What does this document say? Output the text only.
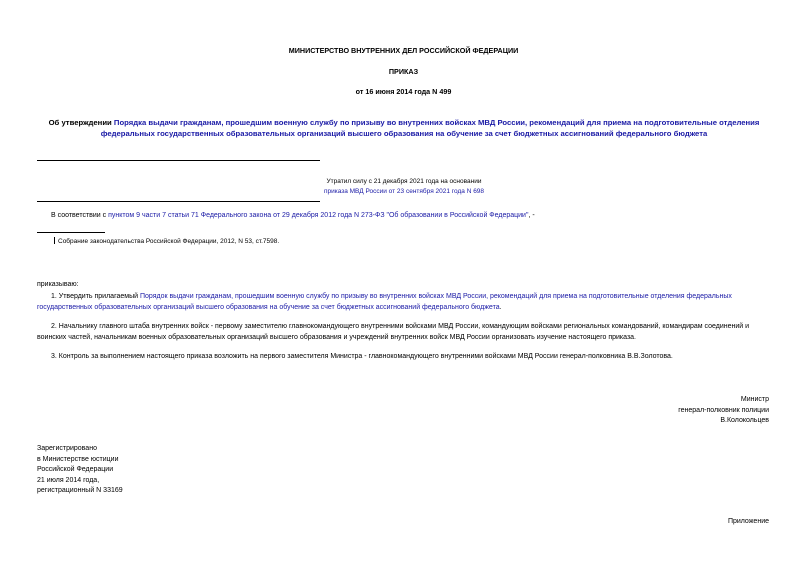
МИНИСТЕРСТВО ВНУТРЕННИХ ДЕЛ РОССИЙСКОЙ ФЕДЕРАЦИИ
ПРИКАЗ
от 16 июня 2014 года N 499
Об утверждении Порядка выдачи гражданам, прошедшим военную службу по призыву во внутренних войсках МВД России, рекомендаций для приема на подготовительные отделения федеральных государственных образовательных организаций высшего образования на обучение за счет бюджетных ассигнований федерального бюджета
Утратил силу с 21 декабря 2021 года на основании
приказа МВД России от 23 сентября 2021 года N 698
В соответствии с пунктом 9 части 7 статьи 71 Федерального закона от 29 декабря 2012 года N 273-ФЗ "Об образовании в Российской Федерации", -
Собрание законодательства Российской Федерации, 2012, N 53, ст.7598.
приказываю:
1. Утвердить прилагаемый Порядок выдачи гражданам, прошедшим военную службу по призыву во внутренних войсках МВД России, рекомендаций для приема на подготовительные отделения федеральных государственных образовательных организаций высшего образования на обучение за счет бюджетных ассигнований федерального бюджета.
2. Начальнику главного штаба внутренних войск - первому заместителю главнокомандующего внутренними войсками МВД России, командующим войсками региональных командований, командирам соединений и воинских частей, начальникам военных образовательных организаций высшего образования и учреждений внутренних войск МВД России организовать изучение настоящего приказа.
3. Контроль за выполнением настоящего приказа возложить на первого заместителя Министра - главнокомандующего внутренними войсками МВД России генерал-полковника В.В.Золотова.
Министр
генерал-полковник полиции
В.Колокольцев
Зарегистрировано
в Министерстве юстиции
Российской Федерации
21 июля 2014 года,
регистрационный N 33169
Приложение
